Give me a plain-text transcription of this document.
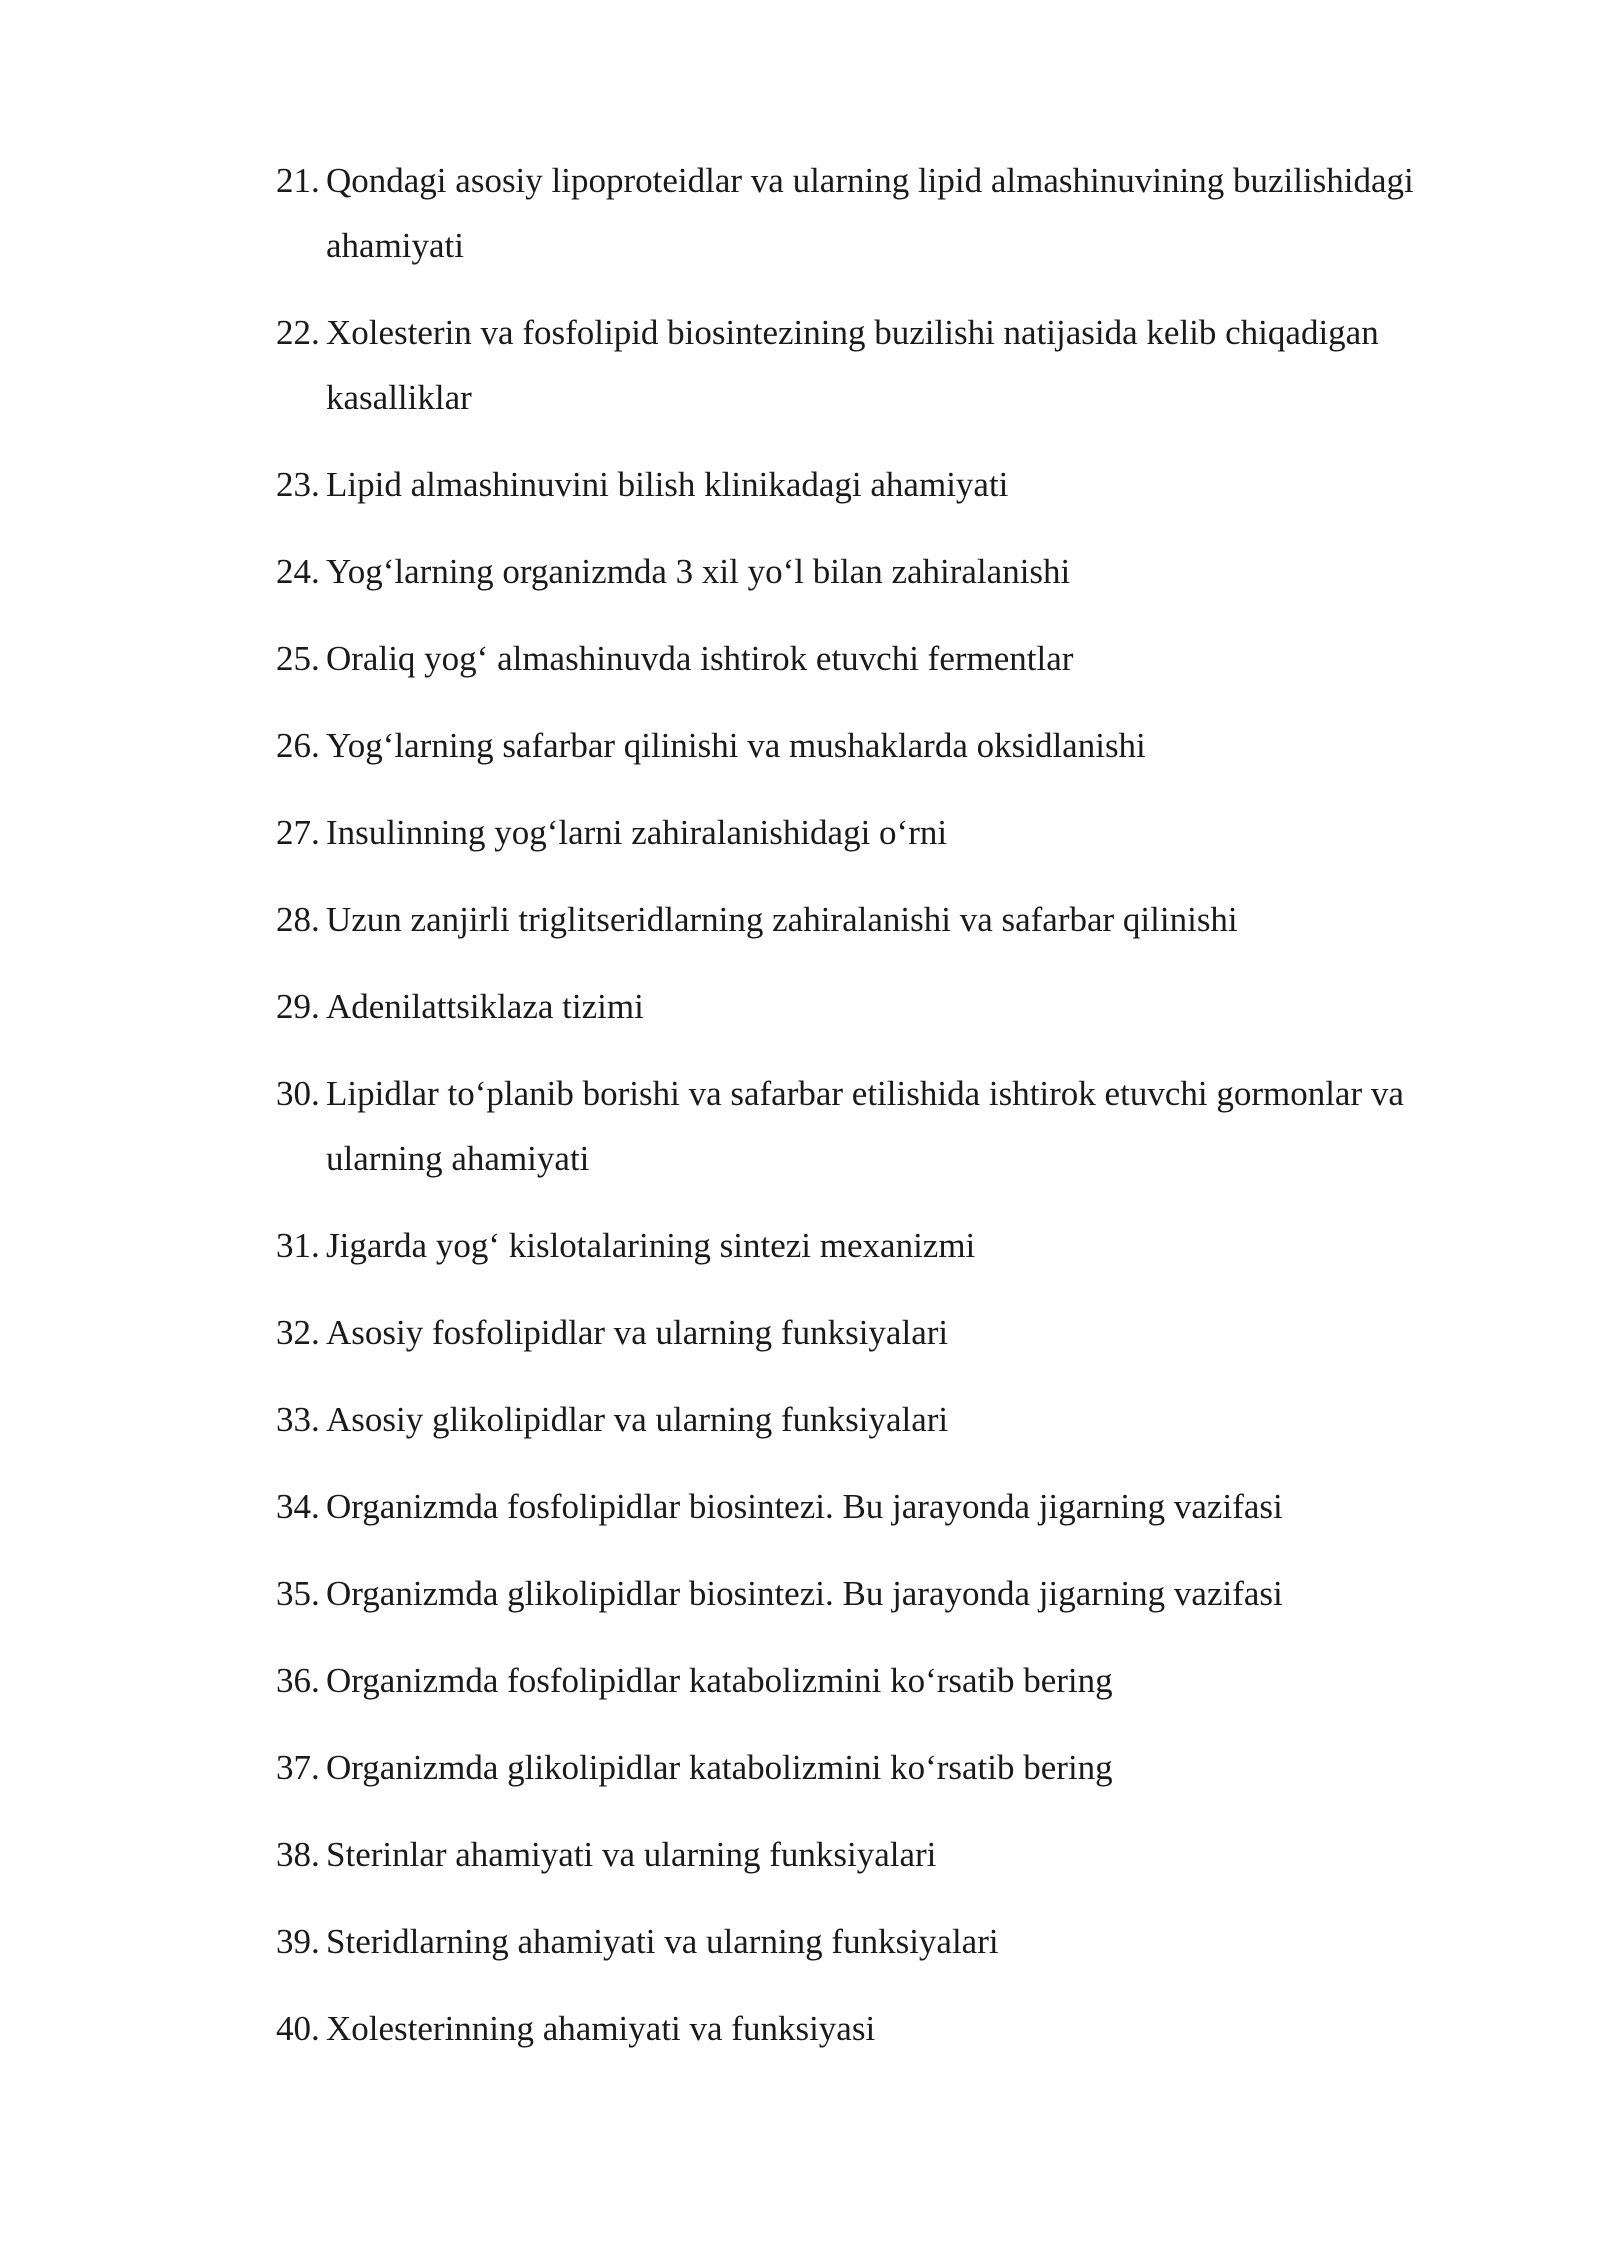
21. Qondagi asosiy lipoproteidlar va ularning lipid almashinuvining buzilishidagi ahamiyati
22. Xolesterin va fosfolipid biosintezining buzilishi natijasida kelib chiqadigan kasalliklar
23. Lipid almashinuvini bilish klinikadagi ahamiyati
24. Yog‘larning organizmda 3 xil yo‘l bilan zahiralanishi
25. Oraliq yog‘ almashinuvda ishtirok etuvchi fermentlar
26. Yog‘larning safarbar qilinishi va mushaklarda oksidlanishi
27. Insulinning yog‘larni zahiralanishidagi o‘rni
28. Uzun zanjirli triglitseridlarning zahiralanishi va safarbar qilinishi
29. Adenilattsiklaza tizimi
30. Lipidlar to‘planib borishi va safarbar etilishida ishtirok etuvchi gormonlar va ularning ahamiyati
31. Jigarda yog‘ kislotalarining sintezi mexanizmi
32. Asosiy fosfolipidlar va ularning funksiyalari
33. Asosiy glikolipidlar va ularning funksiyalari
34. Organizmda fosfolipidlar biosintezi. Bu jarayonda jigarning vazifasi
35. Organizmda glikolipidlar biosintezi. Bu jarayonda jigarning vazifasi
36. Organizmda fosfolipidlar katabolizmini ko‘rsatib bering
37. Organizmda glikolipidlar katabolizmini ko‘rsatib bering
38. Sterinlar ahamiyati va ularning funksiyalari
39. Steridlarning ahamiyati va ularning funksiyalari
40. Xolesterinning ahamiyati va funksiyasi
